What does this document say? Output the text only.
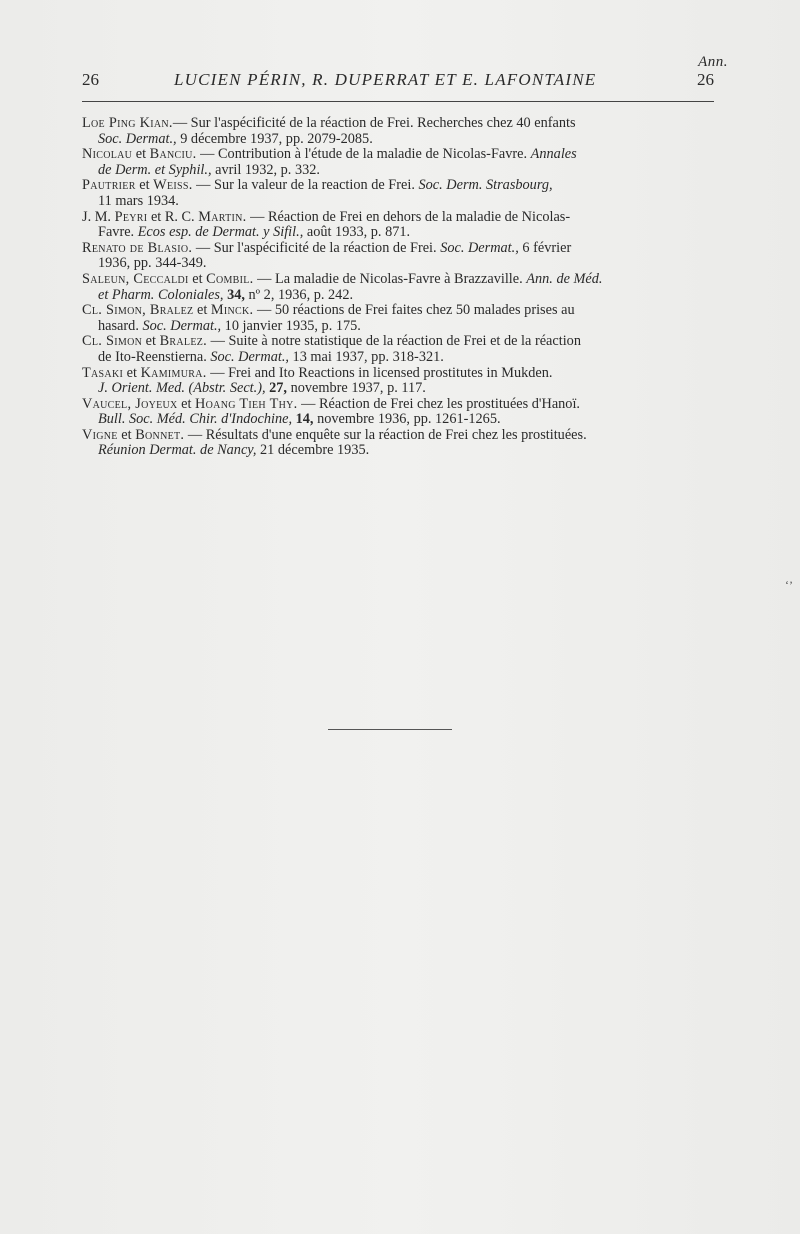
Ann.
26	LUCIEN PÉRIN, R. DUPERRAT ET E. LAFONTAINE	26

Loe Ping Kian.— Sur l'aspécificité de la réaction de Frei. Recherches chez 40 enfants
Soc. Dermat., 9 décembre 1937, pp. 2079-2085.

Nicolau et Banciu. — Contribution à l'étude de la maladie de Nicolas-Favre. Annales
de Derm. et Syphil., avril 1932, p. 332.

Pautrier et Weiss. — Sur la valeur de la reaction de Frei. Soc. Derm. Strasbourg,
11 mars 1934.

J. M. Peyri et R. C. Martin. — Réaction de Frei en dehors de la maladie de Nicolas-
Favre. Ecos esp. de Dermat. y Sifil., août 1933, p. 871.

Renato de Blasio. — Sur l'aspécificité de la réaction de Frei. Soc. Dermat., 6 février
1936, pp. 344-349.

Saleun, Ceccaldi et Combil. — La maladie de Nicolas-Favre à Brazzaville. Ann. de Méd.
et Pharm. Coloniales, 34, nº 2, 1936, p. 242.

Cl. Simon, Bralez et Minck. — 50 réactions de Frei faites chez 50 malades prises au
hasard. Soc. Dermat., 10 janvier 1935, p. 175.

Cl. Simon et Bralez. — Suite à notre statistique de la réaction de Frei et de la réaction
de Ito-Reenstierna. Soc. Dermat., 13 mai 1937, pp. 318-321.

Tasaki et Kamimura. — Frei and Ito Reactions in licensed prostitutes in Mukden.
J. Orient. Med. (Abstr. Sect.), 27, novembre 1937, p. 117.

Vaucel, Joyeux et Hoang Tieh Thy. — Réaction de Frei chez les prostituées d'Hanoï.
Bull. Soc. Méd. Chir. d'Indochine, 14, novembre 1936, pp. 1261-1265.

Vigne et Bonnet. — Résultats d'une enquête sur la réaction de Frei chez les prostituées.
Réunion Dermat. de Nancy, 21 décembre 1935.

‘’
